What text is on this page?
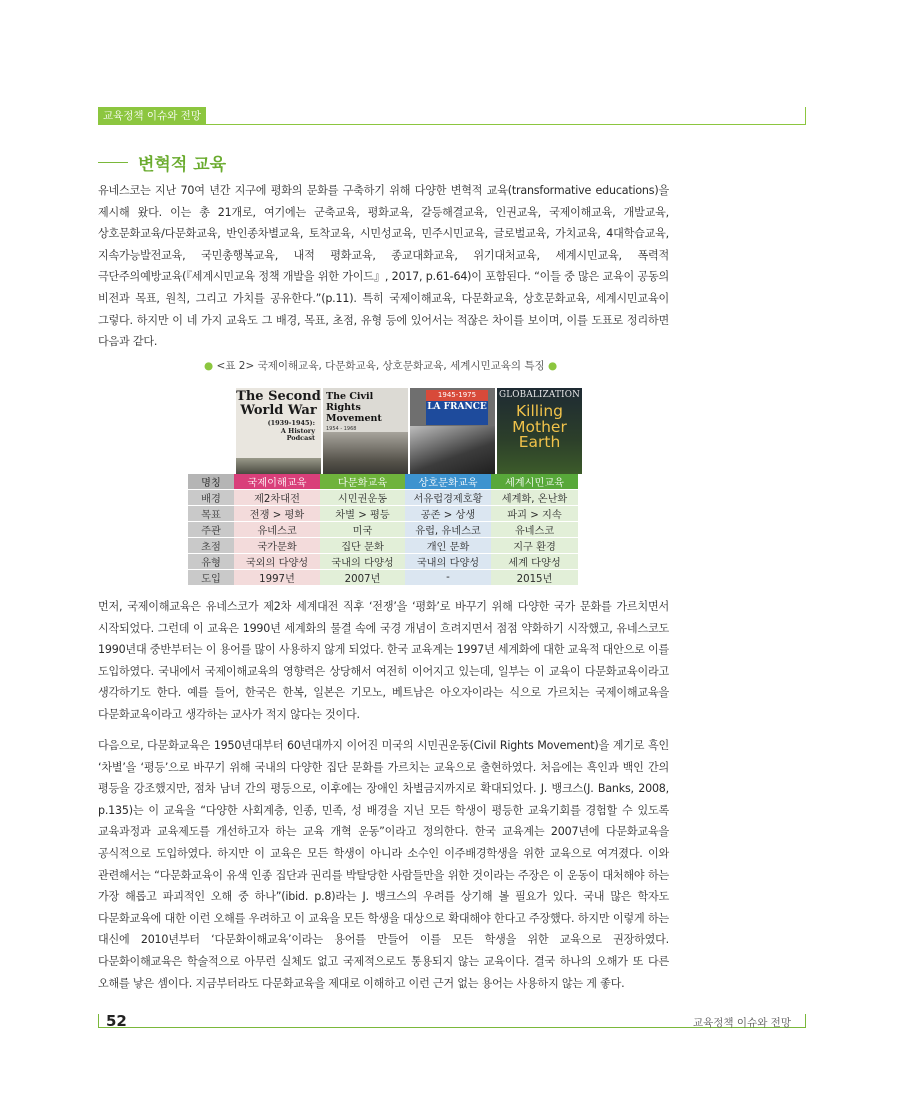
교육정책 이슈와 전망
변혁적 교육

유네스코는 지난 70여 년간 지구에 평화의 문화를 구축하기 위해 다양한 변혁적 교육(transformative educations)을 제시해 왔다. 이는 총 21개로, 여기에는 군축교육, 평화교육, 갈등해결교육, 인권교육, 국제이해교육, 개발교육, 상호문화교육/다문화교육, 반인종차별교육, 토착교육, 시민성교육, 민주시민교육, 글로벌교육, 가치교육, 4대학습교육, 지속가능발전교육, 국민총행복교육, 내적 평화교육, 종교대화교육, 위기대처교육, 세계시민교육, 폭력적 극단주의예방교육(『세계시민교육 정책 개발을 위한 가이드』, 2017, p.61-64)이 포함된다. “이들 중 많은 교육이 공동의 비전과 목표, 원칙, 그리고 가치를 공유한다.”(p.11). 특히 국제이해교육, 다문화교육, 상호문화교육, 세계시민교육이 그렇다. 하지만 이 네 가지 교육도 그 배경, 목표, 초점, 유형 등에 있어서는 적잖은 차이를 보이며, 이를 도표로 정리하면 다음과 같다.

● <표 2> 국제이해교육, 다문화교육, 상호문화교육, 세계시민교육의 특징 ●
The Second World War
(1939-1945):
A History
Podcast
The Civil Rights Movement
1954 - 1968
1945-1975
LA FRANCE
GLOBALIZATION
Killing
Mother
Earth
명칭	국제이해교육	다문화교육	상호문화교육	세계시민교육
배경	제2차대전	시민권운동	서유럽경제호황	세계화, 온난화
목표	전쟁 > 평화	차별 > 평등	공존 > 상생	파괴 > 지속
주관	유네스코	미국	유럽, 유네스코	유네스코
초점	국가문화	집단 문화	개인 문화	지구 환경
유형	국외의 다양성	국내의 다양성	국내의 다양성	세계 다양성
도입	1997년	2007년	-	2015년

먼저, 국제이해교육은 유네스코가 제2차 세계대전 직후 ‘전쟁’을 ‘평화’로 바꾸기 위해 다양한 국가 문화를 가르치면서 시작되었다. 그런데 이 교육은 1990년 세계화의 물결 속에 국경 개념이 흐려지면서 점점 약화하기 시작했고, 유네스코도 1990년대 중반부터는 이 용어를 많이 사용하지 않게 되었다. 한국 교육계는 1997년 세계화에 대한 교육적 대안으로 이를 도입하였다. 국내에서 국제이해교육의 영향력은 상당해서 여전히 이어지고 있는데, 일부는 이 교육이 다문화교육이라고 생각하기도 한다. 예를 들어, 한국은 한복, 일본은 기모노, 베트남은 아오자이라는 식으로 가르치는 국제이해교육을 다문화교육이라고 생각하는 교사가 적지 않다는 것이다.

다음으로, 다문화교육은 1950년대부터 60년대까지 이어진 미국의 시민권운동(Civil Rights Movement)을 계기로 흑인 ‘차별’을 ‘평등’으로 바꾸기 위해 국내의 다양한 집단 문화를 가르치는 교육으로 출현하였다. 처음에는 흑인과 백인 간의 평등을 강조했지만, 점차 남녀 간의 평등으로, 이후에는 장애인 차별금지까지로 확대되었다. J. 뱅크스(J. Banks, 2008, p.135)는 이 교육을 “다양한 사회계층, 인종, 민족, 성 배경을 지닌 모든 학생이 평등한 교육기회를 경험할 수 있도록 교육과정과 교육제도를 개선하고자 하는 교육 개혁 운동”이라고 정의한다. 한국 교육계는 2007년에 다문화교육을 공식적으로 도입하였다. 하지만 이 교육은 모든 학생이 아니라 소수인 이주배경학생을 위한 교육으로 여겨졌다. 이와 관련해서는 “다문화교육이 유색 인종 집단과 권리를 박탈당한 사람들만을 위한 것이라는 주장은 이 운동이 대처해야 하는 가장 해롭고 파괴적인 오해 중 하나”(ibid. p.8)라는 J. 뱅크스의 우려를 상기해 볼 필요가 있다. 국내 많은 학자도 다문화교육에 대한 이런 오해를 우려하고 이 교육을 모든 학생을 대상으로 확대해야 한다고 주장했다. 하지만 이렇게 하는 대신에 2010년부터 ‘다문화이해교육’이라는 용어를 만들어 이를 모든 학생을 위한 교육으로 권장하였다. 다문화이해교육은 학술적으로 아무런 실체도 없고 국제적으로도 통용되지 않는 교육이다. 결국 하나의 오해가 또 다른 오해를 낳은 셈이다. 지금부터라도 다문화교육을 제대로 이해하고 이런 근거 없는 용어는 사용하지 않는 게 좋다.

52	교육정책 이슈와 전망
